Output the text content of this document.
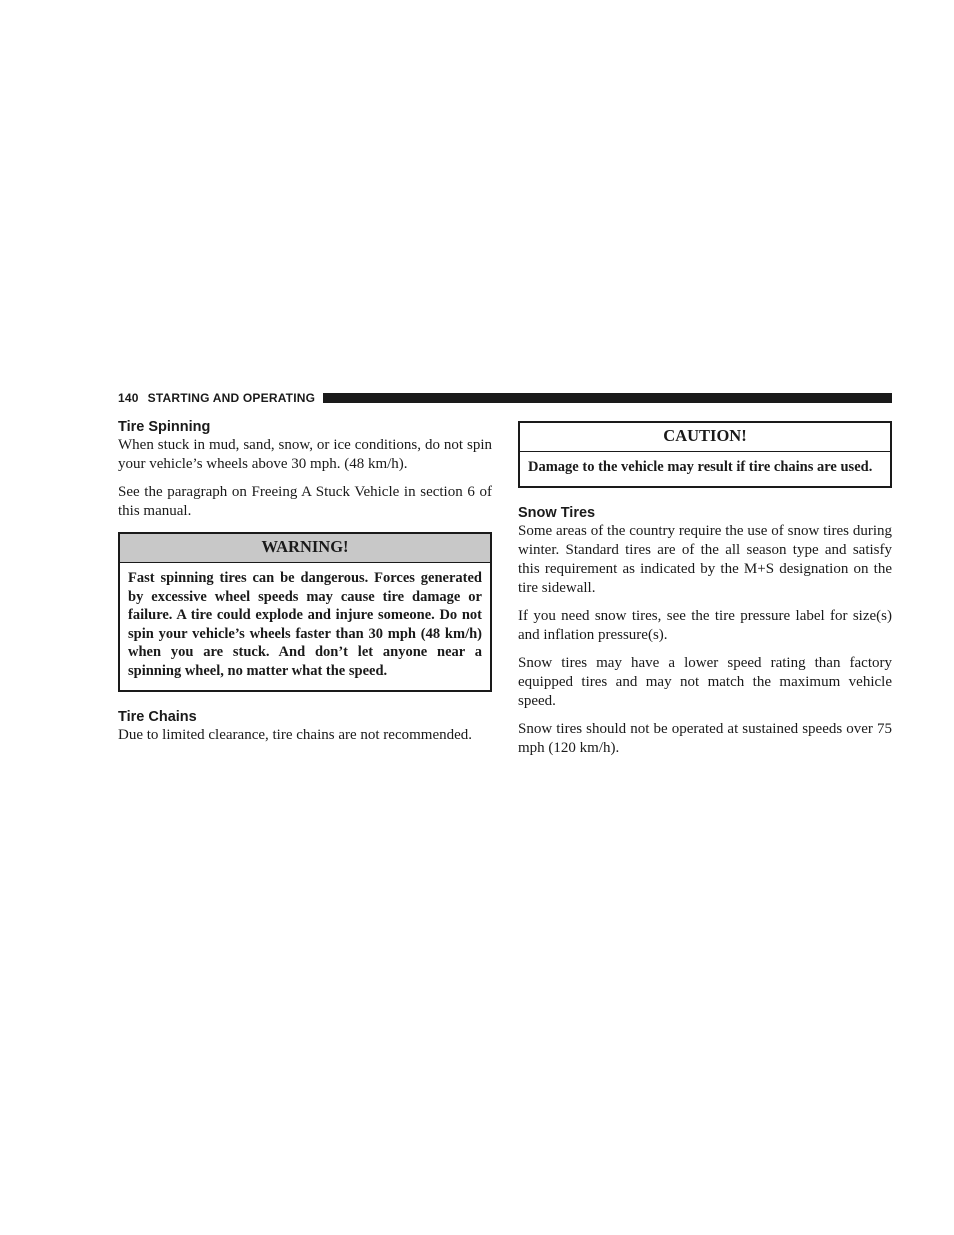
140 STARTING AND OPERATING
Tire Spinning

When stuck in mud, sand, snow, or ice conditions, do not spin your vehicle’s wheels above 30 mph. (48 km/h).

See the paragraph on Freeing A Stuck Vehicle in section 6 of this manual.

WARNING!
Fast spinning tires can be dangerous. Forces generated by excessive wheel speeds may cause tire damage or failure. A tire could explode and injure someone. Do not spin your vehicle’s wheels faster than 30 mph (48 km/h) when you are stuck. And don’t let anyone near a spinning wheel, no matter what the speed.
Tire Chains

Due to limited clearance, tire chains are not recommended.

CAUTION!
Damage to the vehicle may result if tire chains are used.
Snow Tires

Some areas of the country require the use of snow tires during winter. Standard tires are of the all season type and satisfy this requirement as indicated by the M+S designation on the tire sidewall.

If you need snow tires, see the tire pressure label for size(s) and inflation pressure(s).

Snow tires may have a lower speed rating than factory equipped tires and may not match the maximum vehicle speed.

Snow tires should not be operated at sustained speeds over 75 mph (120 km/h).
